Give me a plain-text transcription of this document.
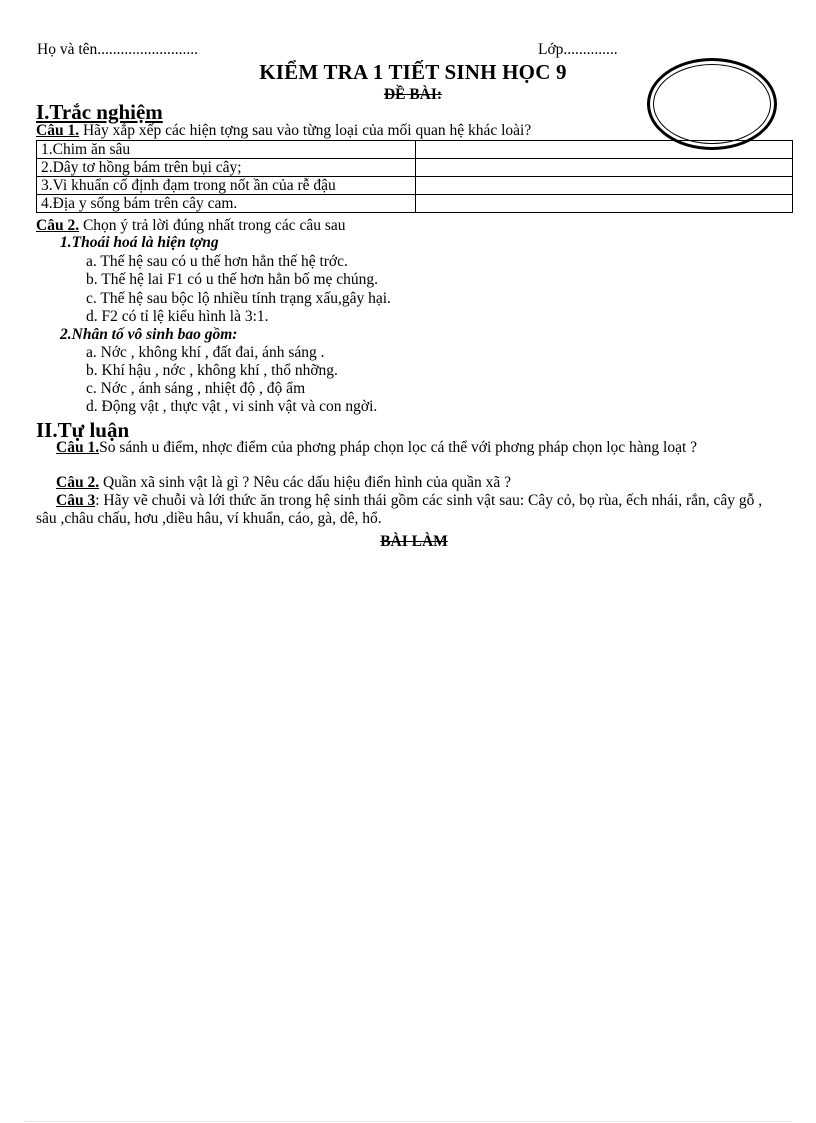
Họ và tên..........................	Lớp..............
KIỂM TRA 1 TIẾT SINH HỌC 9
ĐỀ BÀI:
I.Trắc nghiệm
Câu 1. Hãy xắp xếp các hiện tợng sau vào từng loại của mối quan hệ khác loài?
1.Chim ăn sâu	
2.Dây tơ hồng bám trên bụi cây;	
3.Vi khuẩn cố định đạm trong nốt ần của rễ đậu	
4.Địa y sống bám trên cây cam.	
Câu 2. Chọn ý trả lời đúng nhất trong các câu sau
1.Thoái hoá là hiện tợng
a. Thế hệ sau có u thế hơn hẳn thế hệ trớc.
b. Thế hệ lai F1 có u thế hơn hẳn bố mẹ chúng.
c. Thế hệ sau bộc lộ nhiều tính trạng xấu,gây hại.
d. F2 có tỉ lệ kiểu hình là 3:1.
2.Nhân tố vô sinh bao gồm:
a. Nớc , không khí , đất đai, ánh sáng .
b. Khí hậu , nớc , không khí , thổ nhỡng.
c. Nớc , ánh sáng , nhiệt độ , độ ẩm
d. Động vật , thực vật , vi sinh vật và con ngời.
II.Tự luận
Câu 1.So sánh u điểm, nhợc điểm của phơng pháp chọn lọc cá thể với phơng pháp chọn lọc hàng loạt ?
Câu 2. Quần xã sinh vật là gì ? Nêu các dấu hiệu điển hình của quần xã ?
Câu 3: Hãy vẽ chuỗi và lới thức ăn trong hệ sinh thái gồm các sinh vật sau: Cây cỏ, bọ rùa, ếch nhái, rắn, cây gỗ , sâu ,châu chấu, hơu ,diều hâu, ví khuẩn, cáo, gà, dê, hổ.
BÀI LÀM
